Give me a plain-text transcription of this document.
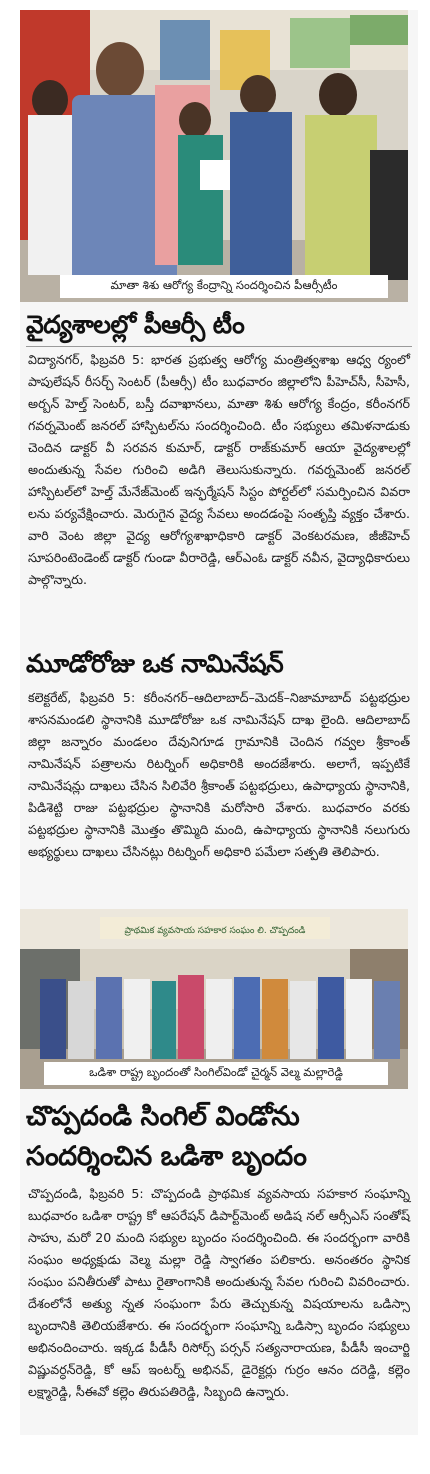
మాతా శిశు ఆరోగ్య కేంద్రాన్ని సందర్శించిన పీఆర్సీటీం
వైద్యశాలల్లో పీఆర్సీ టీం
విద్యానగర్, ఫిబ్రవరి 5: భారత ప్రభుత్వ ఆరోగ్య మంత్రిత్వశాఖ ఆధ్వ ర్యంలో పాపులేషన్ రీసర్చ్ సెంటర్ (పీఆర్సీ) టీం బుధవారం జిల్లాలోని పీహెచ్‌సీ, సీహెసీ, అర్బన్ హెల్త్ సెంటర్, బస్తీ దవాఖానలు, మాతా శిశు ఆరోగ్య కేంద్రం, కరీంనగర్ గవర్నమెంట్ జనరల్ హాస్పిటల్‌ను సందర్శించింది. టీం సభ్యులు తమిళనాడుకు చెందిన డాక్టర్ వీ సరవన కుమార్, డాక్టర్ రాజ్‌కుమార్ ఆయా వైద్యశాలల్లో అందుతున్న సేవల గురించి అడిగి తెలుసుకున్నారు. గవర్నమెంట్ జనరల్ హాస్పిటల్‌లో హెల్త్ మేనేజ్‌మెంట్ ఇన్ఫర్మేషన్ సిస్టం పోర్టల్‌లో సమర్పించిన వివరా లను పర్యవేక్షించారు. మెరుగైన వైద్య సేవలు అందడంపై సంతృప్తి వ్యక్తం చేశారు. వారి వెంట జిల్లా వైద్య ఆరోగ్యశాఖాధికారి డాక్టర్ వెంకటరమణ, జీజీహెచ్ సూపరింటెండెంట్ డాక్టర్ గుండా వీరారెడ్డి, ఆర్ఎంఓ డాక్టర్ నవీన, వైద్యాధికారులు పాల్గొన్నారు.
మూడోరోజు ఒక నామినేషన్
కలెక్టరేట్, ఫిబ్రవరి 5: కరీంనగర్–ఆదిలాబాద్–మెదక్–నిజామాబాద్ పట్టభద్రుల శాసనమండలి స్థానానికి మూడోరోజు ఒక నామినేషన్ దాఖ లైంది. ఆదిలాబాద్ జిల్లా జన్నారం మండలం దేవునిగూడ గ్రామానికి చెందిన గవ్వల శ్రీకాంత్ నామినేషన్ పత్రాలను రిటర్నింగ్ అధికారికి అందజేశారు. అలాగే, ఇప్పటికే నామినేషన్లు దాఖలు చేసిన సిలివేరి శ్రీకాంత్ పట్టభద్రులు, ఉపాధ్యాయ స్థానానికి, పిడిశెట్టి రాజు పట్టభద్రుల స్థానానికి మరోసారి వేశారు. బుధవారం వరకు పట్టభద్రుల స్థానానికి మొత్తం తొమ్మిది మంది, ఉపాధ్యాయ స్థానానికి నలుగురు అభ్యర్థులు దాఖలు చేసినట్లు రిటర్నింగ్ అధికారి పమేలా సత్పతి తెలిపారు.
ప్రాథమిక వ్యవసాయ సహకార సంఘం లి. చొప్పదండి
ఒడిశా రాష్ట్ర బృందంతో సింగిల్‌విండో చైర్మన్ వెల్మ మల్లారెడ్డి
చొప్పదండి సింగిల్ విండోను
సందర్శించిన ఒడిశా బృందం
చొప్పదండి, ఫిబ్రవరి 5: చొప్పదండి ప్రాథమిక వ్యవసాయ సహకార సంఘాన్ని బుధవారం ఒడిశా రాష్ట్ర కో ఆపరేషన్ డిపార్ట్‌మెంట్ అడిష నల్ ఆర్సీఎస్ సంతోష్ సాహు, మరో 20 మంది సభ్యుల బృందం సందర్శించింది. ఈ సందర్భంగా వారికి సంఘం అధ్యక్షుడు వెల్మ మల్లా రెడ్డి స్వాగతం పలికారు. అనంతరం స్థానిక సంఘం పనితీరుతో పాటు రైతాంగానికి అందుతున్న సేవల గురించి వివరించారు. దేశంలోనే అత్యు న్నత సంఘంగా పేరు తెచ్చుకున్న విషయాలను ఒడిస్సా బృందానికి తెలియజేశారు. ఈ సందర్భంగా సంఘాన్ని ఒడిస్సా బృందం సభ్యులు అభినందించారు. ఇక్కడ పీడీసీ రిసోర్స్ పర్సన్ సత్యనారాయణ, పీడీసీ ఇంచార్జి విష్ణువర్ధన్‌రెడ్డి, కో ఆప్ ఇంటర్న్ అభినవ్, డైరెక్టర్లు గుర్రం ఆనం దరెడ్డి, కల్లెం లక్ష్మారెడ్డి, సీఈవో కల్లెం తిరుపతిరెడ్డి, సిబ్బంది ఉన్నారు.
